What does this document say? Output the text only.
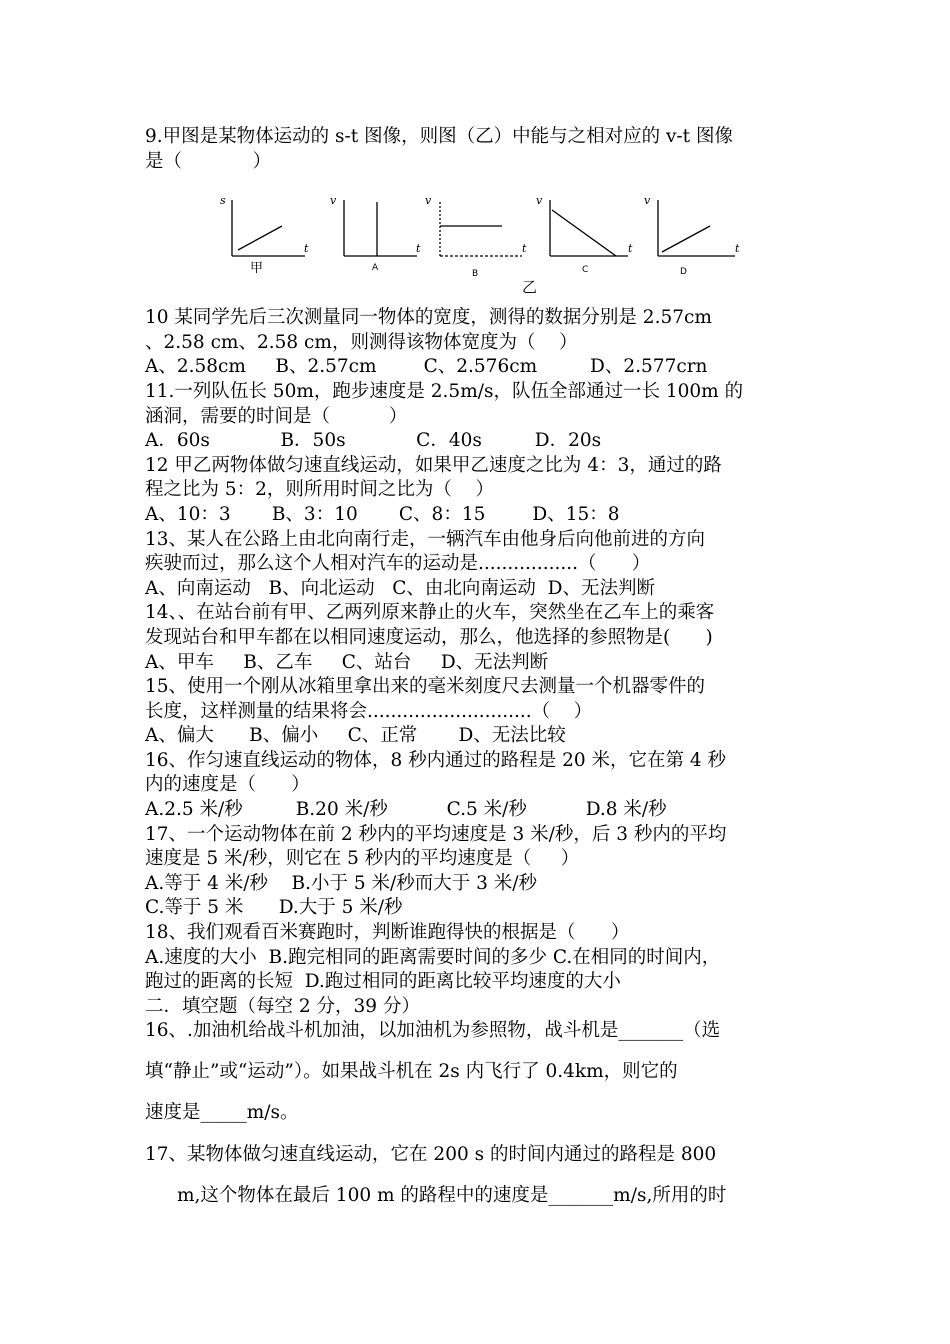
9.甲图是某物体运动的 s-t 图像，则图（乙）中能与之相对应的 v-t 图像
是（            ）
s
t
v
t
v
t
v
t
v
t
甲	A
B	C	D
乙
10 某同学先后三次测量同一物体的宽度，测得的数据分别是 2.57cm
、2.58 cm、2.58 cm，则测得该物体宽度为（    ）
A、2.58cm     B、2.57cm        C、2.576cm         D、2.577crn
11.一列队伍长 50m，跑步速度是 2.5m/s，队伍全部通过一长 100m 的
涵洞，需要的时间是（          ）
A．60s            B．50s            C．40s         D．20s
12 甲乙两物体做匀速直线运动，如果甲乙速度之比为 4：3，通过的路
程之比为 5：2，则所用时间之比为（    ）
A、10：3       B、3：10       C、8：15        D、15：8
13、某人在公路上由北向南行走，一辆汽车由他身后向他前进的方向
疾驶而过，那么这个人相对汽车的运动是.................（      ）
A、向南运动   B、向北运动   C、由北向南运动  D、无法判断
14、、在站台前有甲、乙两列原来静止的火车，突然坐在乙车上的乘客
发现站台和甲车都在以相同速度运动，那么，他选择的参照物是(      )
A、甲车     B、乙车     C、站台     D、无法判断
15、使用一个刚从冰箱里拿出来的毫米刻度尺去测量一个机器零件的
长度，这样测量的结果将会............................（    ）
A、偏大      B、偏小     C、正常       D、无法比较
16、作匀速直线运动的物体，8 秒内通过的路程是 20 米，它在第 4 秒
内的速度是（      ）
A.2.5 米/秒         B.20 米/秒          C.5 米/秒          D.8 米/秒
17、一个运动物体在前 2 秒内的平均速度是 3 米/秒，后 3 秒内的平均
速度是 5 米/秒，则它在 5 秒内的平均速度是（     ）
A.等于 4 米/秒    B.小于 5 米/秒而大于 3 米/秒
C.等于 5 米      D.大于 5 米/秒
18、我们观看百米赛跑时，判断谁跑得快的根据是（      ）
A.速度的大小  B.跑完相同的距离需要时间的多少 C.在相同的时间内，
跑过的距离的长短  D.跑过相同的距离比较平均速度的大小
二．填空题（每空 2 分，39 分）
16、.加油机给战斗机加油，以加油机为参照物，战斗机是_______（选
填“静止”或“运动”）。如果战斗机在 2s 内飞行了 0.4km，则它的
速度是_____m/s。
17、某物体做匀速直线运动，它在 200 s 的时间内通过的路程是 800
m,这个物体在最后 100 m 的路程中的速度是_______m/s,所用的时
